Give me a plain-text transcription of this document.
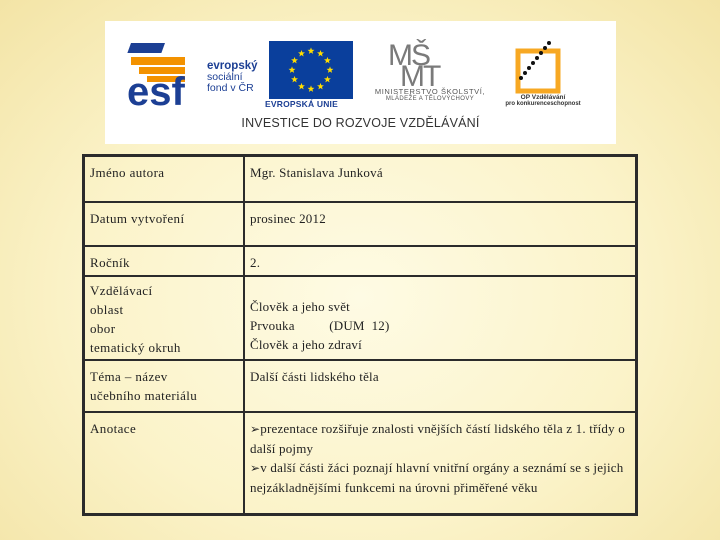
esf
evropský
sociální
fond v ČR
EVROPSKÁ UNIE
MŠ
MT
MINISTERSTVO ŠKOLSTVÍ,
MLÁDEŽE A TĚLOVÝCHOVY	OP Vzdělávání
pro konkurenceschopnost
INVESTICE DO ROZVOJE VZDĚLÁVÁNÍ
Jméno autora	Mgr. Stanislava Junková
Datum vytvoření	prosinec 2012
Ročník	2.

Vzdělávací
oblast
obor
tematický okruh	Člověk a jeho svět
Prvouka          (DUM  12)
Člověk a jeho zdraví

Téma – název
učebního materiálu	Další části lidského těla
Anotace	➢prezentace rozšiřuje znalosti vnějších částí lidského těla z 1. třídy o další pojmy
➢v další části žáci poznají hlavní vnitřní orgány a seznámí se s jejich nejzákladnějšími funkcemi na úrovni přiměřené věku
